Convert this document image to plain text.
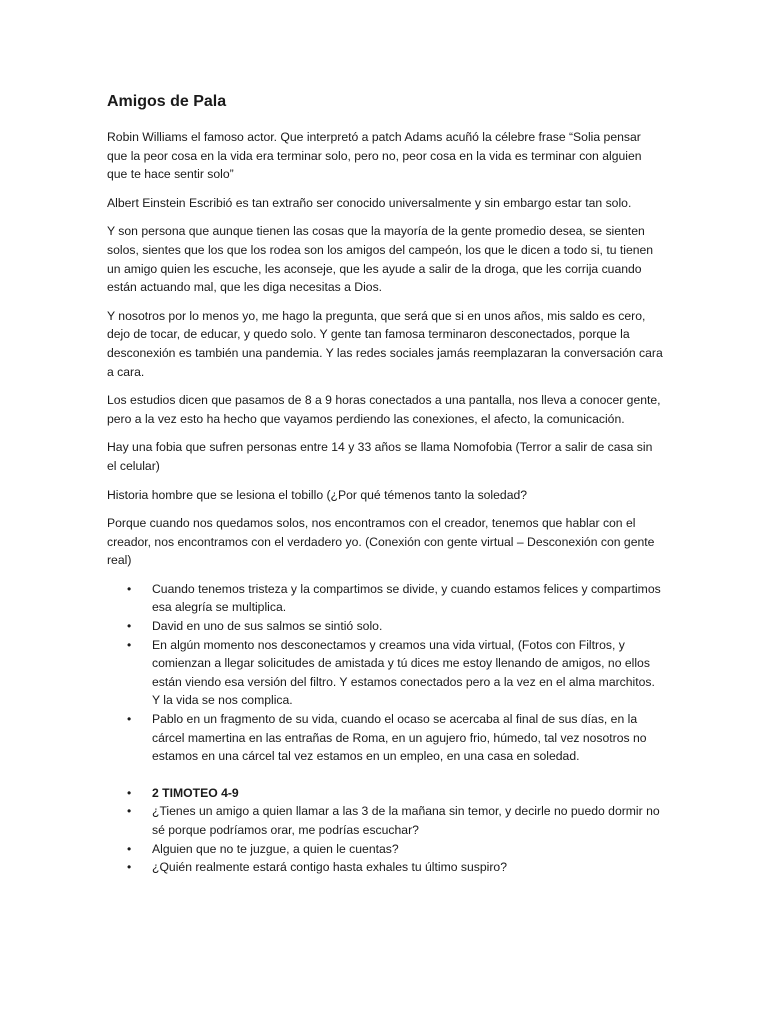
Amigos de Pala

Robin Williams el famoso actor. Que interpretó a patch Adams acuñó la célebre frase “Solia pensar que la peor cosa en la vida era terminar solo, pero no, peor cosa en la vida es terminar con alguien que te hace sentir solo”

Albert Einstein Escribió es tan extraño ser conocido universalmente y sin embargo estar tan solo.

Y son persona que aunque tienen las cosas que la mayoría de la gente promedio desea, se sienten solos, sientes que los que los rodea son los amigos del campeón, los que le dicen a todo si, tu tienen un amigo quien les escuche, les aconseje, que les ayude a salir de la droga, que les corrija cuando están actuando mal, que les diga necesitas a Dios.

Y nosotros por lo menos yo, me hago la pregunta, que será que si en unos años, mis saldo es cero, dejo de tocar, de educar, y quedo solo. Y gente tan famosa terminaron desconectados, porque la desconexión es también una pandemia. Y las redes sociales jamás reemplazaran la conversación cara a cara.

Los estudios dicen que pasamos de 8 a 9 horas conectados a una pantalla, nos lleva a conocer gente, pero a la vez esto ha hecho que vayamos perdiendo las conexiones, el afecto, la comunicación.

Hay una fobia que sufren personas entre 14 y 33 años se llama Nomofobia (Terror a salir de casa sin el celular)

Historia hombre que se lesiona el tobillo (¿Por qué témenos tanto la soledad?

Porque cuando nos quedamos solos, nos encontramos con el creador, tenemos que hablar con el creador, nos encontramos con el verdadero yo. (Conexión con gente virtual – Desconexión con gente real)

• Cuando tenemos tristeza y la compartimos se divide, y cuando estamos felices y compartimos esa alegría se multiplica.
• David en uno de sus salmos se sintió solo.
• En algún momento nos desconectamos y creamos una vida virtual, (Fotos con Filtros, y comienzan a llegar solicitudes de amistada y tú dices me estoy llenando de amigos, no ellos están viendo esa versión del filtro. Y estamos conectados pero a la vez en el alma marchitos. Y la vida se nos complica.
• Pablo en un fragmento de su vida, cuando el ocaso se acercaba al final de sus días, en la cárcel mamertina en las entrañas de Roma, en un agujero frio, húmedo, tal vez nosotros no estamos en una cárcel tal vez estamos en un empleo, en una casa en soledad.
• 2 TIMOTEO 4-9
• ¿Tienes un amigo a quien llamar a las 3 de la mañana sin temor, y decirle no puedo dormir no sé porque podríamos orar, me podrías escuchar?
• Alguien que no te juzgue, a quien le cuentas?
• ¿Quién realmente estará contigo hasta exhales tu último suspiro?
